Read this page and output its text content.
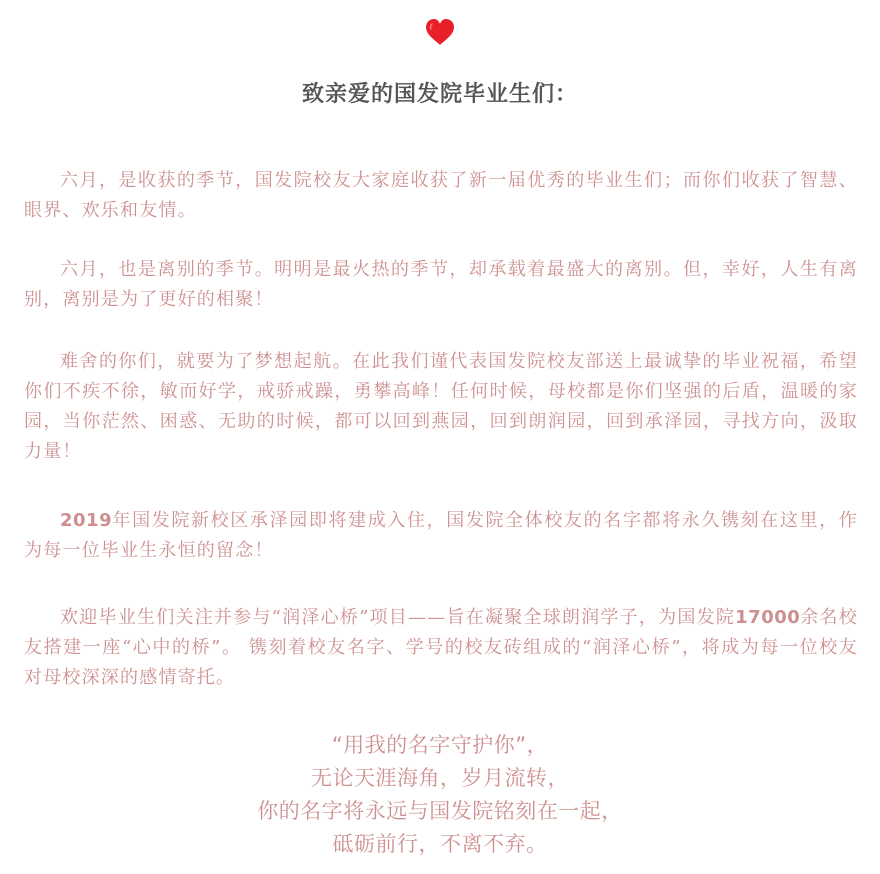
致亲爱的国发院毕业生们：

六月，是收获的季节，国发院校友大家庭收获了新一届优秀的毕业生们；而你们收获了智慧、眼界、欢乐和友情。

六月，也是离别的季节。明明是最火热的季节，却承载着最盛大的离别。但，幸好，人生有离别，离别是为了更好的相聚！

难舍的你们，就要为了梦想起航。在此我们谨代表国发院校友部送上最诚挚的毕业祝福，希望你们不疾不徐，敏而好学，戒骄戒躁，勇攀高峰！任何时候，母校都是你们坚强的后盾，温暖的家园，当你茫然、困惑、无助的时候，都可以回到燕园，回到朗润园，回到承泽园，寻找方向，汲取力量！

2019年国发院新校区承泽园即将建成入住，国发院全体校友的名字都将永久镌刻在这里，作为每一位毕业生永恒的留念！

欢迎毕业生们关注并参与“润泽心桥”项目——旨在凝聚全球朗润学子，为国发院17000余名校友搭建一座“心中的桥”。 镌刻着校友名字、学号的校友砖组成的“润泽心桥”，将成为每一位校友对母校深深的感情寄托。

“用我的名字守护你”，
无论天涯海角，岁月流转，
你的名字将永远与国发院铭刻在一起，
砥砺前行，不离不弃。
